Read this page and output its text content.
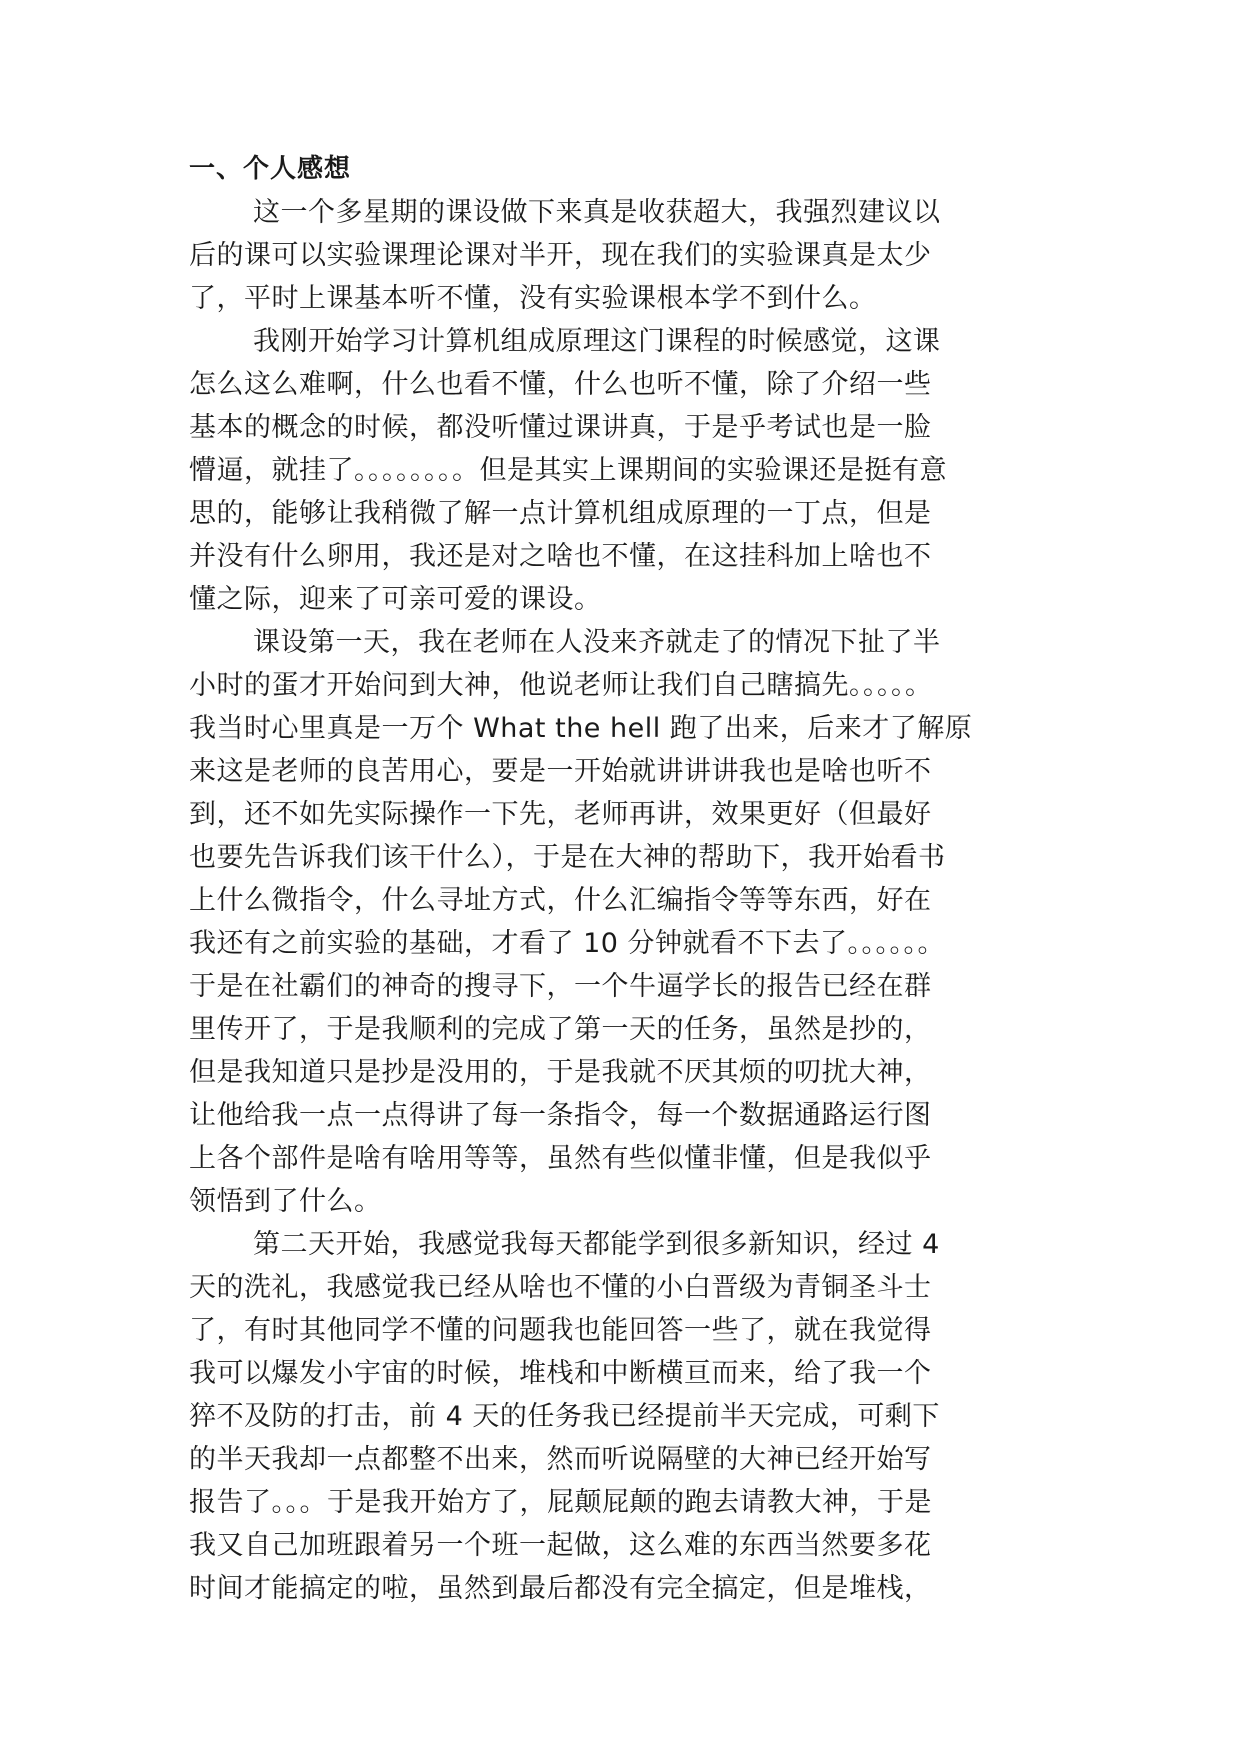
一、个人感想
这一个多星期的课设做下来真是收获超大，我强烈建议以
后的课可以实验课理论课对半开，现在我们的实验课真是太少
了，平时上课基本听不懂，没有实验课根本学不到什么。
我刚开始学习计算机组成原理这门课程的时候感觉，这课
怎么这么难啊，什么也看不懂，什么也听不懂，除了介绍一些
基本的概念的时候，都没听懂过课讲真，于是乎考试也是一脸
懵逼，就挂了。。。。。。。。但是其实上课期间的实验课还是挺有意
思的，能够让我稍微了解一点计算机组成原理的一丁点，但是
并没有什么卵用，我还是对之啥也不懂，在这挂科加上啥也不
懂之际，迎来了可亲可爱的课设。
课设第一天，我在老师在人没来齐就走了的情况下扯了半
小时的蛋才开始问到大神，他说老师让我们自己瞎搞先。。。。。
我当时心里真是一万个 What the hell 跑了出来，后来才了解原
来这是老师的良苦用心，要是一开始就讲讲讲我也是啥也听不
到，还不如先实际操作一下先，老师再讲，效果更好（但最好
也要先告诉我们该干什么），于是在大神的帮助下，我开始看书
上什么微指令，什么寻址方式，什么汇编指令等等东西，好在
我还有之前实验的基础，才看了 10 分钟就看不下去了。。。。。。
于是在社霸们的神奇的搜寻下，一个牛逼学长的报告已经在群
里传开了，于是我顺利的完成了第一天的任务，虽然是抄的，
但是我知道只是抄是没用的，于是我就不厌其烦的叨扰大神，
让他给我一点一点得讲了每一条指令，每一个数据通路运行图
上各个部件是啥有啥用等等，虽然有些似懂非懂，但是我似乎
领悟到了什么。
第二天开始，我感觉我每天都能学到很多新知识，经过 4
天的洗礼，我感觉我已经从啥也不懂的小白晋级为青铜圣斗士
了，有时其他同学不懂的问题我也能回答一些了，就在我觉得
我可以爆发小宇宙的时候，堆栈和中断横亘而来，给了我一个
猝不及防的打击，前 4 天的任务我已经提前半天完成，可剩下
的半天我却一点都整不出来，然而听说隔壁的大神已经开始写
报告了。。。于是我开始方了，屁颠屁颠的跑去请教大神，于是
我又自己加班跟着另一个班一起做，这么难的东西当然要多花
时间才能搞定的啦，虽然到最后都没有完全搞定，但是堆栈，
